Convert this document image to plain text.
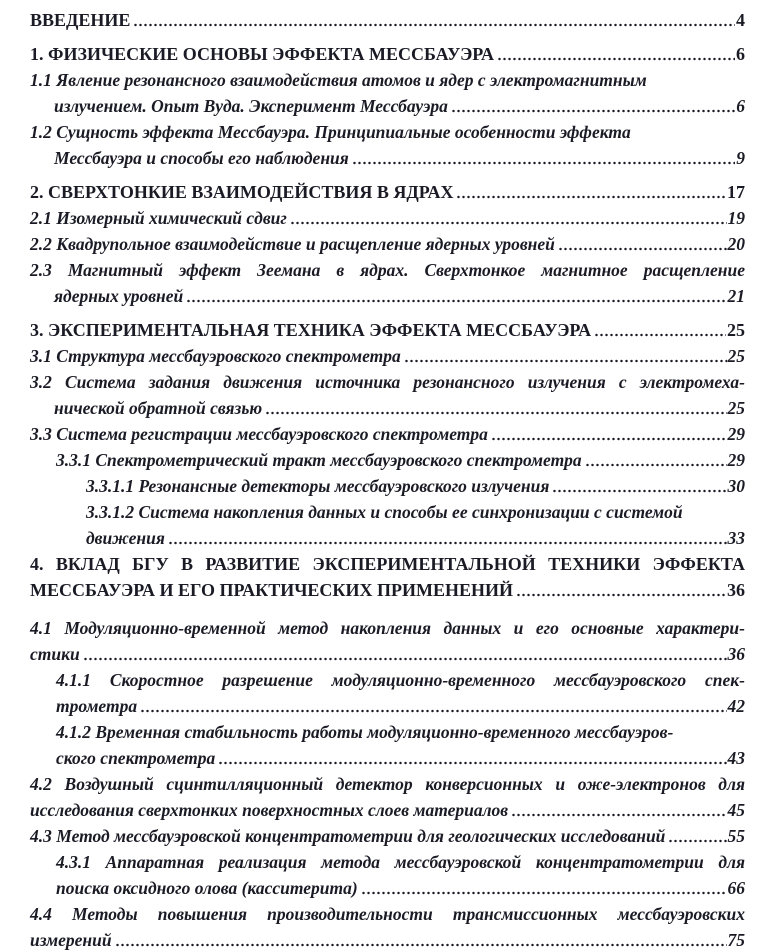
ВВЕДЕНИЕ	4
1. ФИЗИЧЕСКИЕ ОСНОВЫ ЭФФЕКТА МЕССБАУЭРА	6
1.1 Явление резонансного взаимодействия атомов и ядер с электромагнитным
излучением. Опыт Вуда. Эксперимент Мессбауэра	6
1.2 Сущность эффекта Мессбауэра. Принципиальные особенности эффекта
Мессбауэра и способы его наблюдения	9
2. СВЕРХТОНКИЕ ВЗАИМОДЕЙСТВИЯ В ЯДРАХ	17
2.1 Изомерный химический сдвиг	19
2.2 Квадрупольное взаимодействие и расщепление ядерных уровней	20
2.3 Магнитный эффект Зеемана в ядрах. Сверхтонкое магнитное расщепление
ядерных уровней	21
3. ЭКСПЕРИМЕНТАЛЬНАЯ ТЕХНИКА ЭФФЕКТА МЕССБАУЭРА	25
3.1 Структура мессбауэровского спектрометра	25
3.2 Система задания движения источника резонансного излучения с электромеха-
нической обратной связью	25
3.3 Система регистрации мессбауэровского спектрометра	29
3.3.1 Спектрометрический тракт мессбауэровского спектрометра	29
3.3.1.1 Резонансные детекторы мессбауэровского излучения	30
3.3.1.2 Система накопления данных и способы ее синхронизации с системой
движения	33
4. ВКЛАД БГУ В РАЗВИТИЕ ЭКСПЕРИМЕНТАЛЬНОЙ ТЕХНИКИ ЭФФЕКТА
МЕССБАУЭРА И ЕГО ПРАКТИЧЕСКИХ ПРИМЕНЕНИЙ	36
4.1 Модуляционно-временной метод накопления данных и его основные характери-
стики	36
4.1.1 Скоростное разрешение модуляционно-временного мессбауэровского спек-
трометра	42
4.1.2 Временная стабильность работы модуляционно-временного мессбауэров-
ского спектрометра	43
4.2 Воздушный сцинтилляционный детектор конверсионных и оже-электронов для
исследования сверхтонких поверхностных слоев материалов	45
4.3 Метод мессбауэровской концентратометрии для геологических исследований	55
4.3.1 Аппаратная реализация метода мессбауэровской концентратометрии для
поиска оксидного олова (касситерита)	66
4.4 Методы повышения производительности трансмиссионных мессбауэровских
измерений	75
